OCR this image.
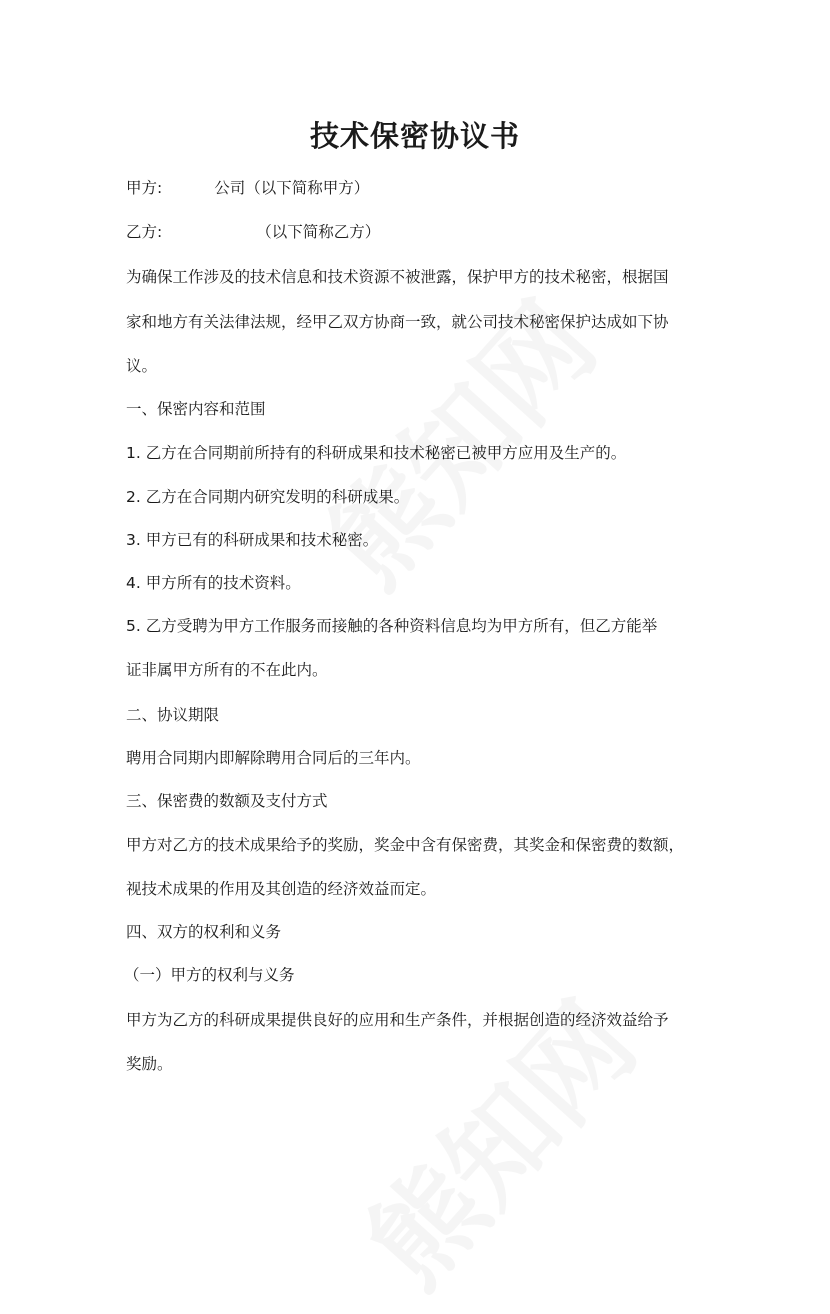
技术保密协议书

甲方:	公司（以下简称甲方）

乙方:	（以下简称乙方）

为确保工作涉及的技术信息和技术资源不被泄露，保护甲方的技术秘密，根据国

家和地方有关法律法规，经甲乙双方协商一致，就公司技术秘密保护达成如下协

议。

一、保密内容和范围

1. 乙方在合同期前所持有的科研成果和技术秘密已被甲方应用及生产的。

2. 乙方在合同期内研究发明的科研成果。

3. 甲方已有的科研成果和技术秘密。

4. 甲方所有的技术资料。

5. 乙方受聘为甲方工作服务而接触的各种资料信息均为甲方所有，但乙方能举

证非属甲方所有的不在此内。

二、协议期限

聘用合同期内即解除聘用合同后的三年内。

三、保密费的数额及支付方式

甲方对乙方的技术成果给予的奖励，奖金中含有保密费，其奖金和保密费的数额，

视技术成果的作用及其创造的经济效益而定。

四、双方的权利和义务

（一）甲方的权利与义务

甲方为乙方的科研成果提供良好的应用和生产条件，并根据创造的经济效益给予

奖励。
